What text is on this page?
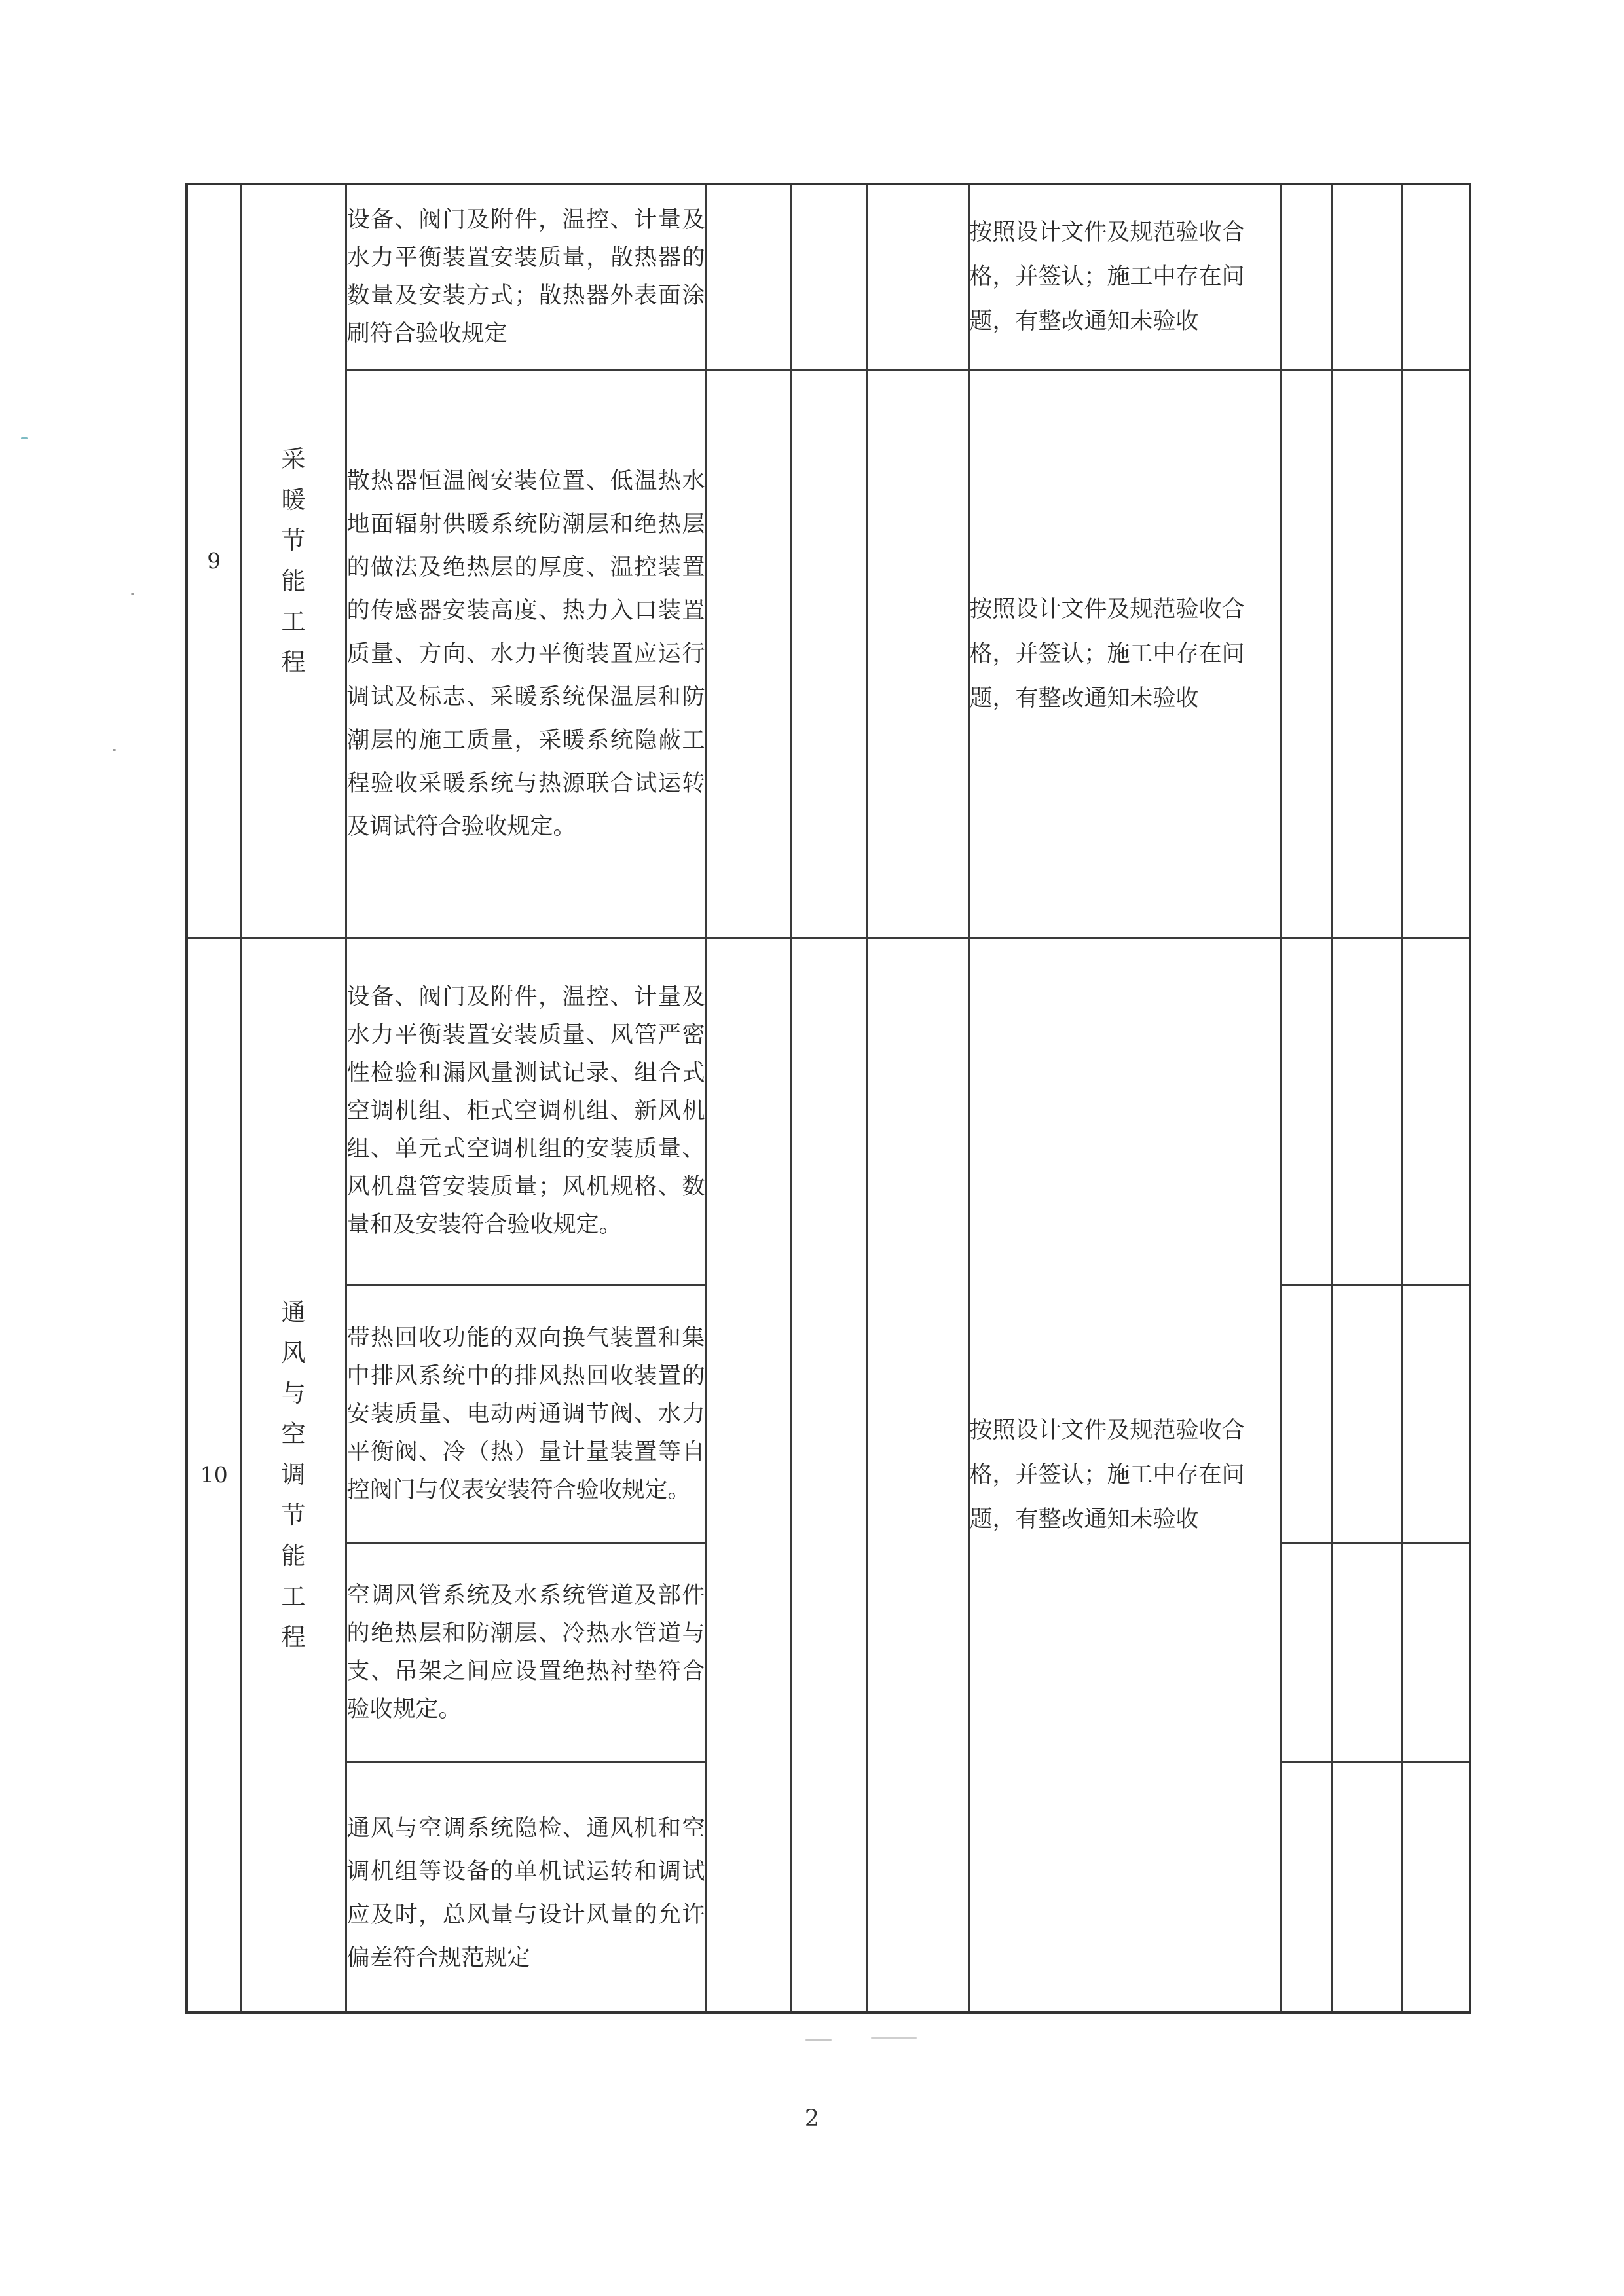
9	采暖节能工程	设备、阀门及附件，温控、计量及水力平衡装置安装质量，散热器的数量及安装方式；散热器外表面涂刷符合验收规定				按照设计文件及规范验收合格，并签认；施工中存在问题，有整改通知未验收			
		散热器恒温阀安装位置、低温热水地面辐射供暖系统防潮层和绝热层的做法及绝热层的厚度、温控装置的传感器安装高度、热力入口装置质量、方向、水力平衡装置应运行调试及标志、采暖系统保温层和防潮层的施工质量，采暖系统隐蔽工程验收采暖系统与热源联合试运转及调试符合验收规定。				按照设计文件及规范验收合格，并签认；施工中存在问题，有整改通知未验收			
10	通风与空调节能工程	设备、阀门及附件，温控、计量及水力平衡装置安装质量、风管严密性检验和漏风量测试记录、组合式空调机组、柜式空调机组、新风机组、单元式空调机组的安装质量、风机盘管安装质量；风机规格、数量和及安装符合验收规定。				按照设计文件及规范验收合格，并签认；施工中存在问题，有整改通知未验收			
		带热回收功能的双向换气装置和集中排风系统中的排风热回收装置的安装质量、电动两通调节阀、水力平衡阀、冷（热）量计量装置等自控阀门与仪表安装符合验收规定。							
		空调风管系统及水系统管道及部件的绝热层和防潮层、冷热水管道与支、吊架之间应设置绝热衬垫符合验收规定。							
		通风与空调系统隐检、通风机和空调机组等设备的单机试运转和调试应及时，总风量与设计风量的允许偏差符合规范规定							
2
